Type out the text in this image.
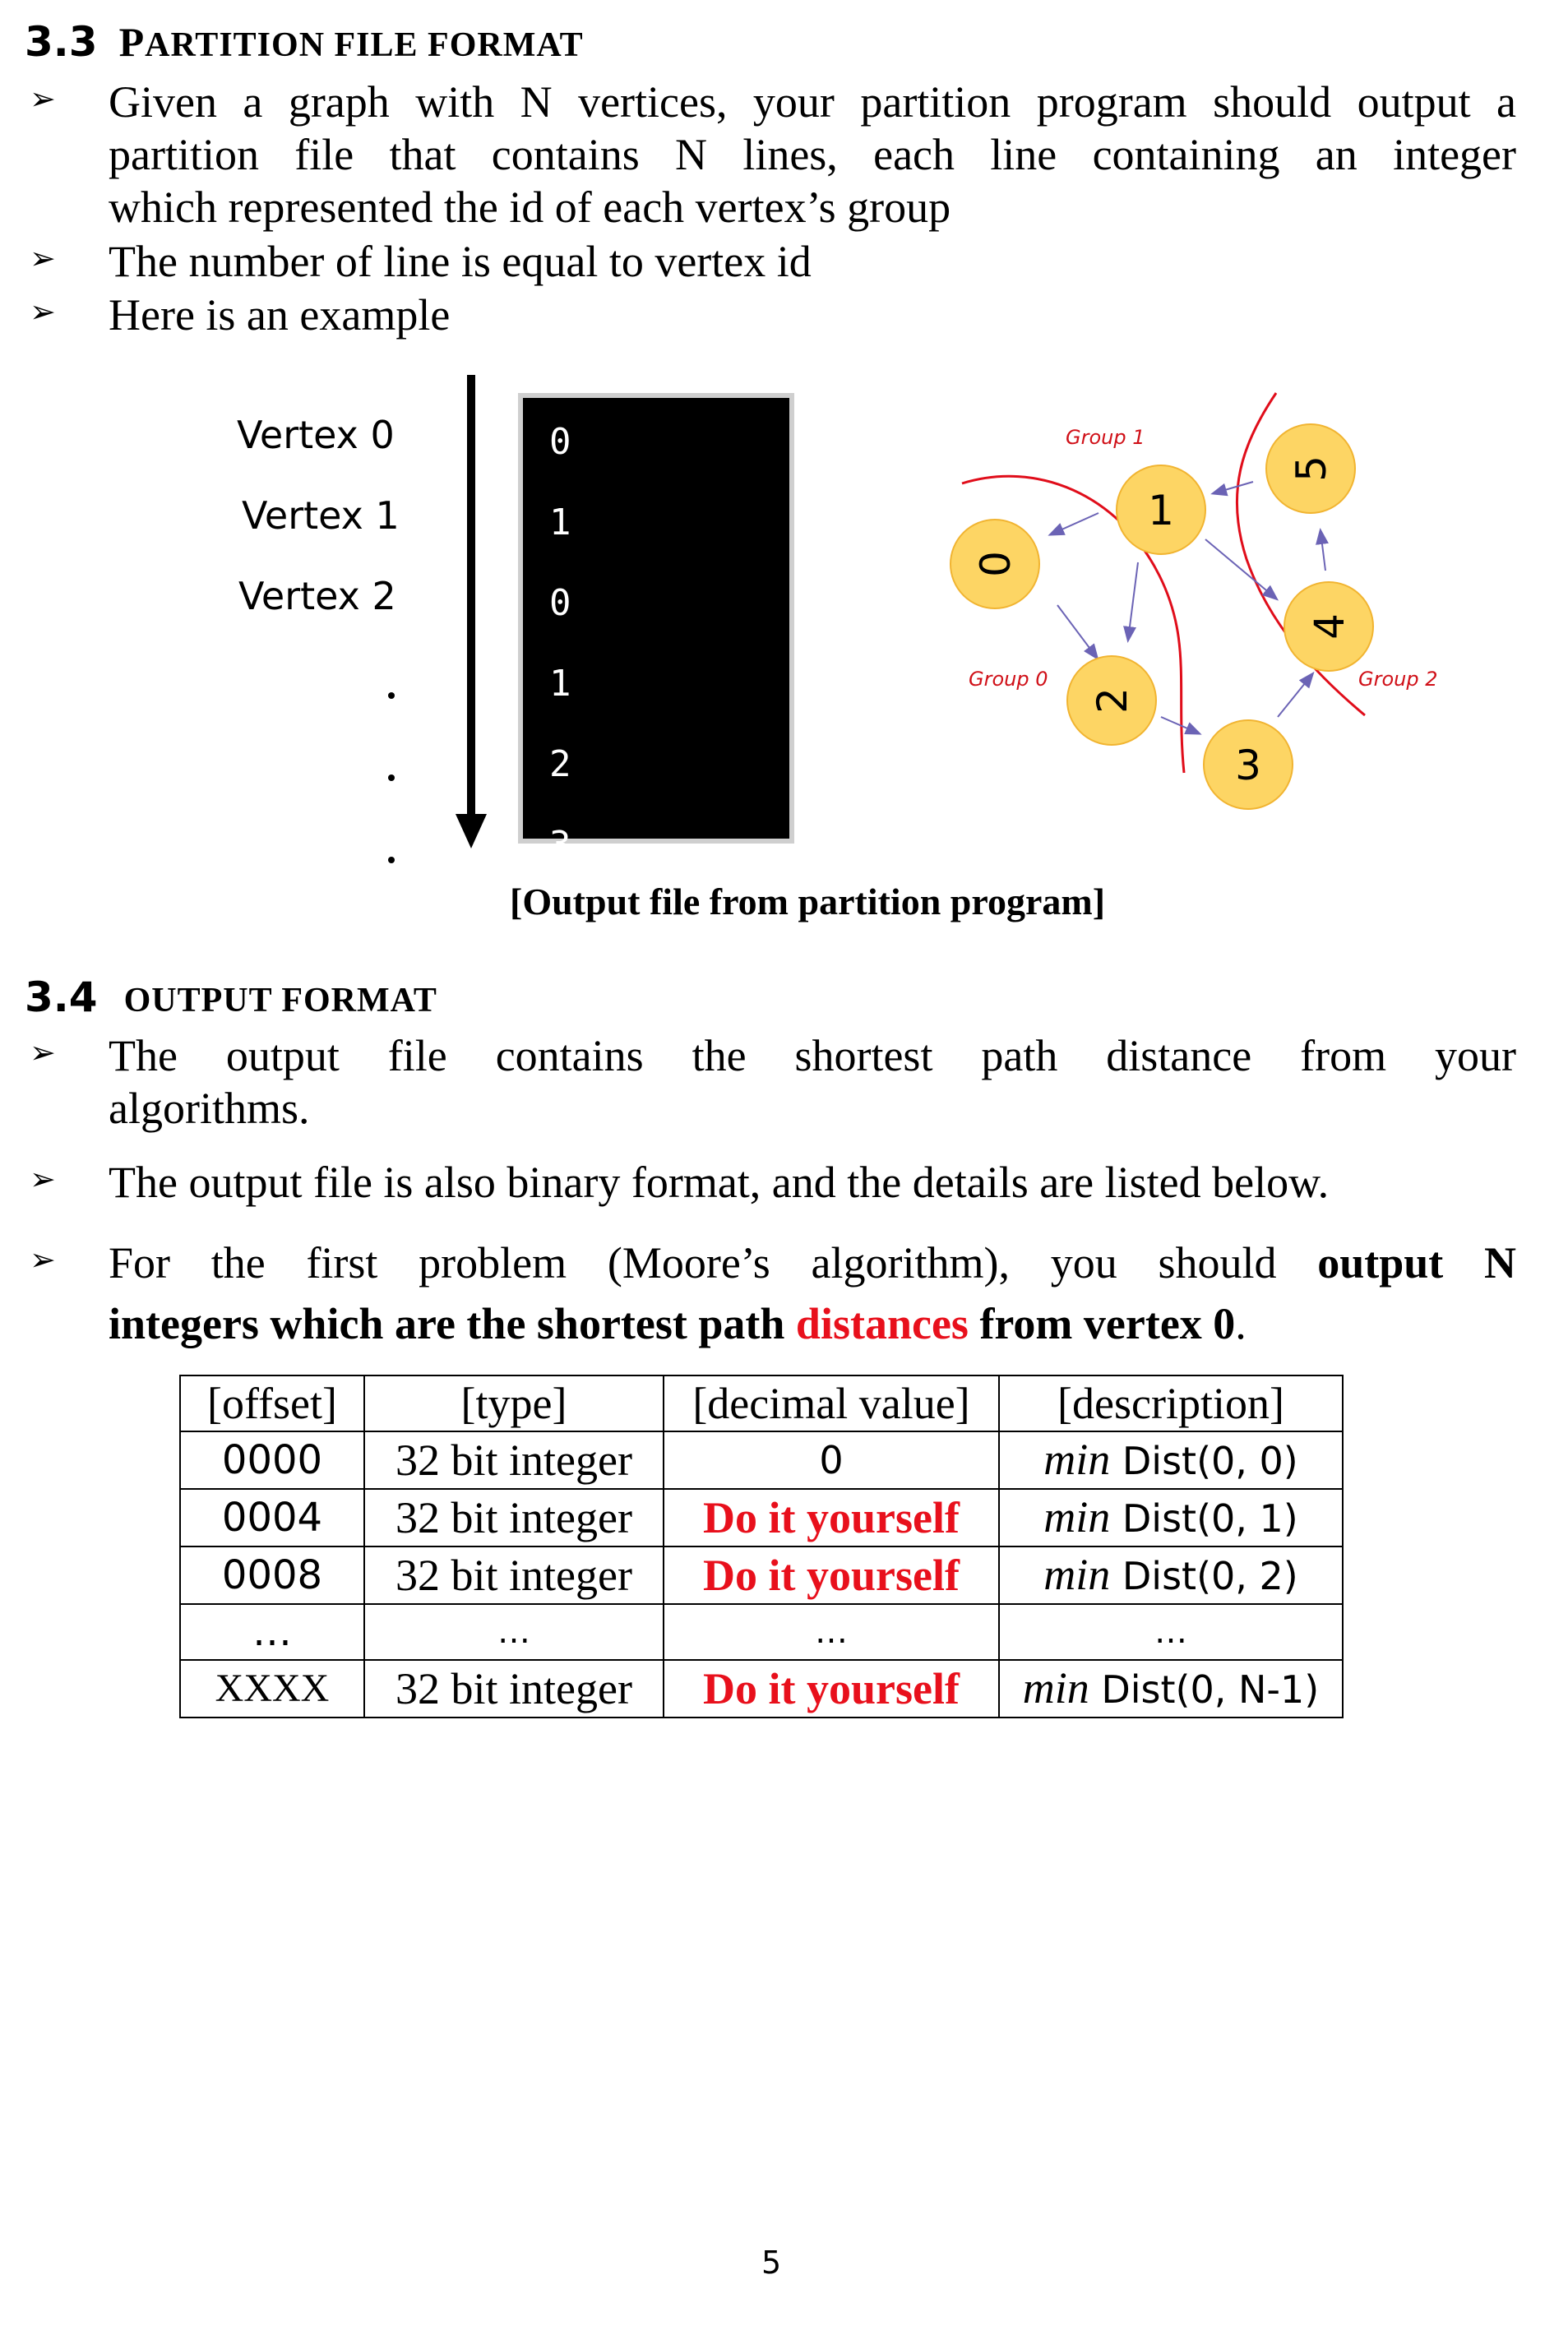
3.3 PARTITION FILE FORMAT
➢ Given a graph with N vertices, your partition program should output a
partition file that contains N lines, each line containing an integer
which represented the id of each vertex’s group
➢ The number of line is equal to vertex id
➢ Here is an example
Vertex 0
Vertex 1
Vertex 2
0
1
0
1
2
3
0
1
2
3
4
5
Group 1
Group 0	Group 2
[Output file from partition program]
3.4 OUTPUT FORMAT
➢ The output file contains the shortest path distance from your
algorithms.
➢ The output file is also binary format, and the details are listed below.
➢ For the first problem (Moore’s algorithm), you should output N
integers which are the shortest path distances from vertex 0.
[offset]	[type]	[decimal value]	[description]
0000	32 bit integer	0	min Dist(0, 0)
0004	32 bit integer	Do it yourself	min Dist(0, 1)
0008	32 bit integer	Do it yourself	min Dist(0, 2)
…	…	…	…
XXXX	32 bit integer	Do it yourself	min Dist(0, N-1)
5
